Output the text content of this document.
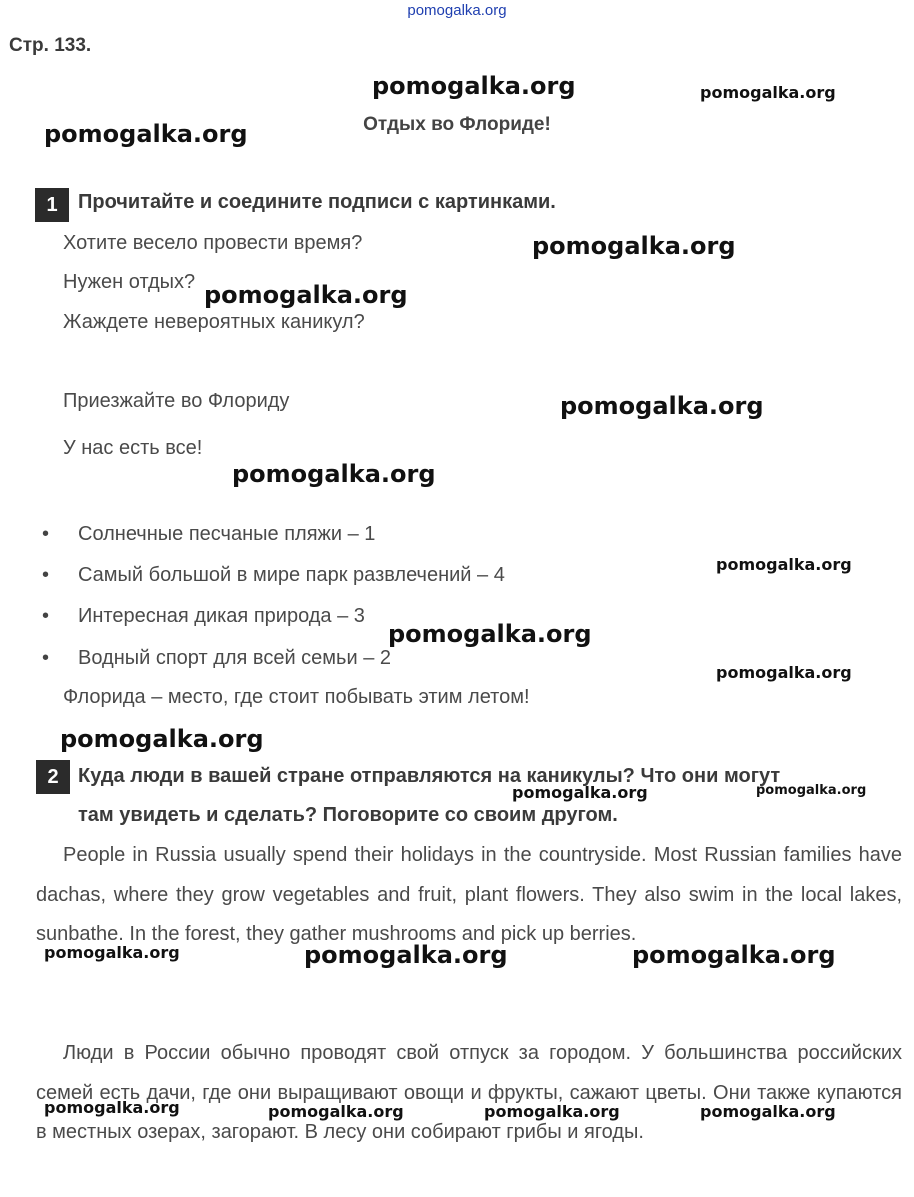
pomogalka.org
Стр. 133.
Отдых во Флориде!
1	Прочитайте и соедините подписи с картинками.
Хотите весело провести время?
Нужен отдых?
Жаждете невероятных каникул?
Приезжайте во Флориду
У нас есть все!
• Солнечные песчаные пляжи – 1
• Самый большой в мире парк развлечений – 4
• Интересная дикая природа – 3
• Водный спорт для всей семьи – 2
Флорида – место, где стоит побывать этим летом!
2 Куда люди в вашей стране отправляются на каникулы? Что они могут
там увидеть и сделать? Поговорите со своим другом.
People in Russia usually spend their holidays in the countryside. Most Russian families have dachas, where they grow vegetables and fruit, plant flowers. They also swim in the local lakes, sunbathe. In the forest, they gather mushrooms and pick up berries.
Люди в России обычно проводят свой отпуск за городом. У большинства российских семей есть дачи, где они выращивают овощи и фрукты, сажают цветы. Они также купаются в местных озерах, загорают. В лесу они собирают грибы и ягоды.
pomogalka.org	pomogalka.org
pomogalka.org
pomogalka.org
pomogalka.org
pomogalka.org
pomogalka.org
pomogalka.org
pomogalka.org
pomogalka.org
pomogalka.org
pomogalka.org	pomogalka.org
pomogalka.org	pomogalka.org	pomogalka.org
pomogalka.org	pomogalka.org	pomogalka.org	pomogalka.org
